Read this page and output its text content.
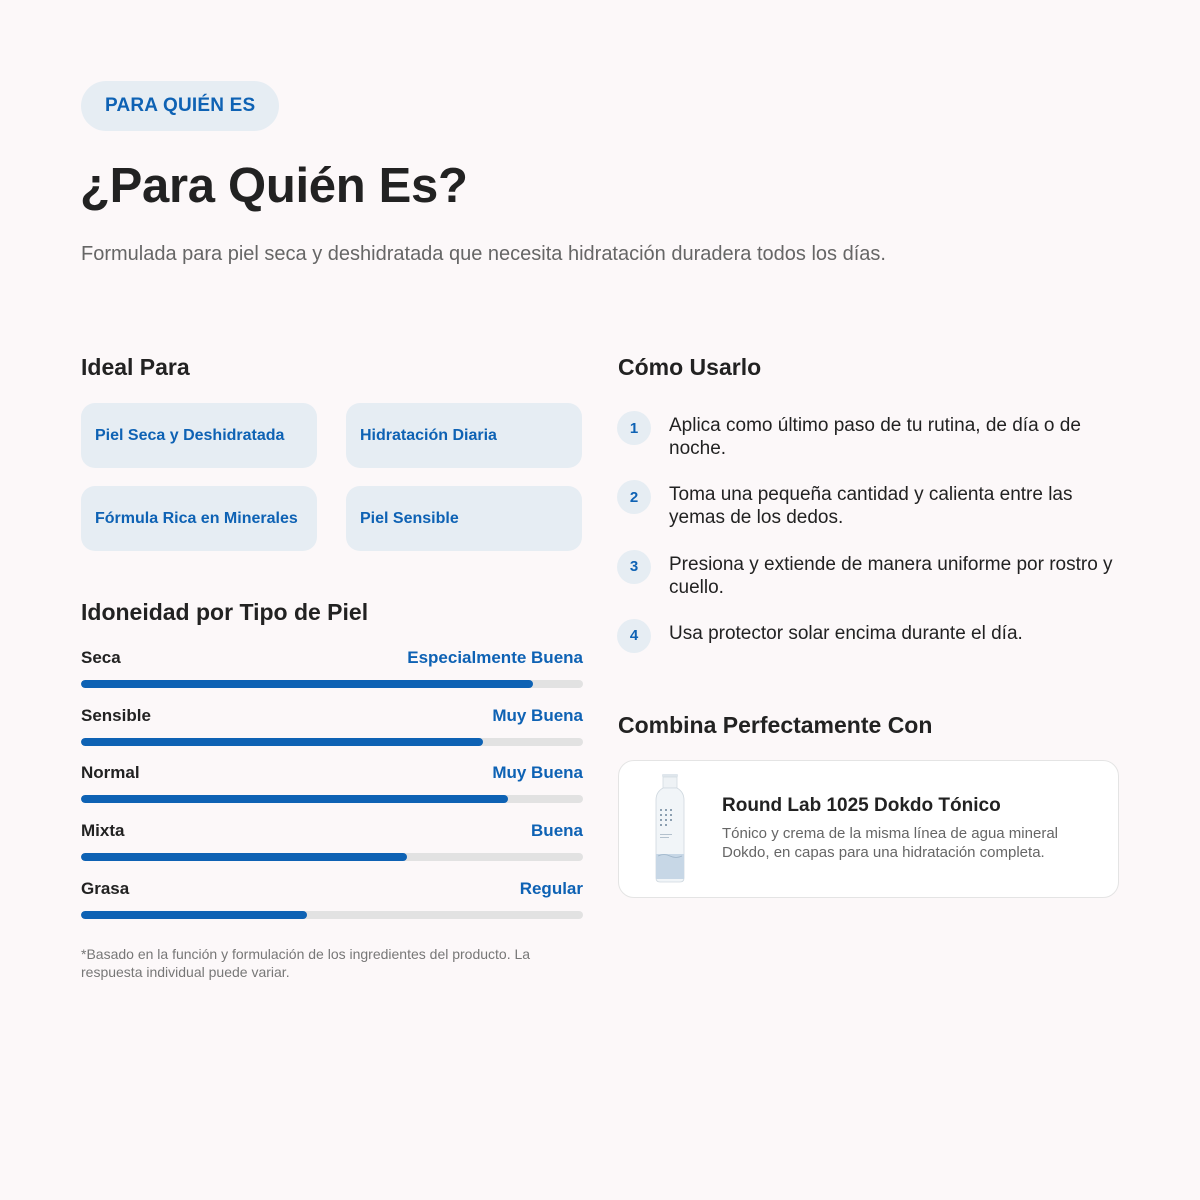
PARA QUIÉN ES
¿Para Quién Es?

Formulada para piel seca y deshidratada que necesita hidratación duradera todos los días.

Ideal Para
Piel Seca y Deshidratada	Hidratación Diaria
Fórmula Rica en Minerales	Piel Sensible
Idoneidad por Tipo de Piel
Seca	Especialmente Buena
Sensible	Muy Buena
Normal	Muy Buena
Mixta	Buena
Grasa	Regular

*Basado en la función y formulación de los ingredientes del producto. La respuesta individual puede variar.

Cómo Usarlo
1	Aplica como último paso de tu rutina, de día o de noche.
2	Toma una pequeña cantidad y calienta entre las yemas de los dedos.
3	Presiona y extiende de manera uniforme por rostro y cuello.
4	Usa protector solar encima durante el día.
Combina Perfectamente Con
Round Lab 1025 Dokdo Tónico
Tónico y crema de la misma línea de agua mineral Dokdo, en capas para una hidratación completa.
